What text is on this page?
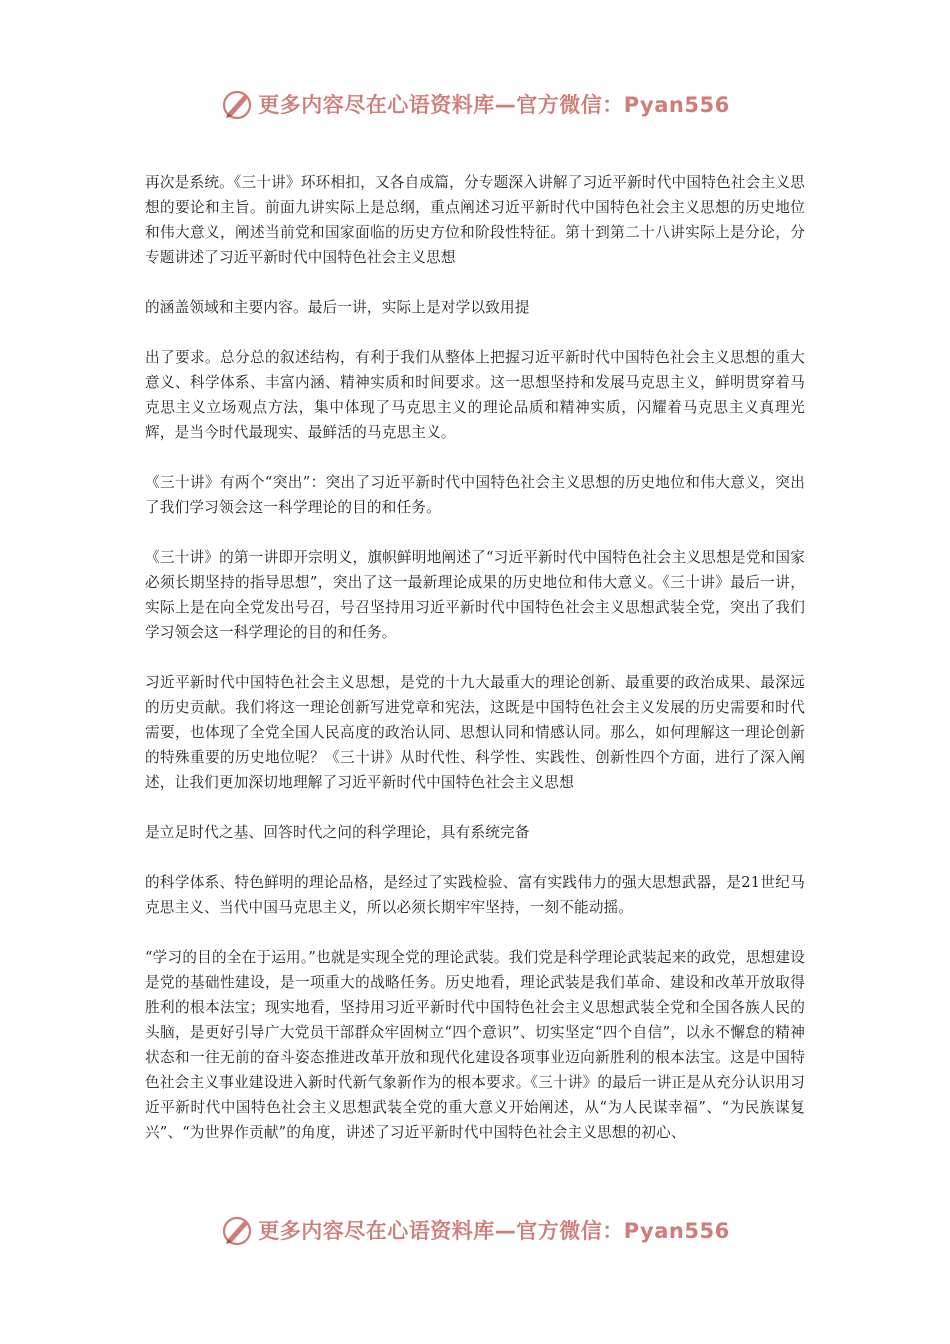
更多内容尽在心语资料库—官方微信：Pyan556

再次是系统。《三十讲》环环相扣，又各自成篇，分专题深入讲解了习近平新时代中国特色社会主义思想的要论和主旨。前面九讲实际上是总纲，重点阐述习近平新时代中国特色社会主义思想的历史地位和伟大意义，阐述当前党和国家面临的历史方位和阶段性特征。第十到第二十八讲实际上是分论，分专题讲述了习近平新时代中国特色社会主义思想

的涵盖领域和主要内容。最后一讲，实际上是对学以致用提

出了要求。总分总的叙述结构，有利于我们从整体上把握习近平新时代中国特色社会主义思想的重大意义、科学体系、丰富内涵、精神实质和时间要求。这一思想坚持和发展马克思主义，鲜明贯穿着马克思主义立场观点方法，集中体现了马克思主义的理论品质和精神实质，闪耀着马克思主义真理光辉，是当今时代最现实、最鲜活的马克思主义。

《三十讲》有两个“突出”：突出了习近平新时代中国特色社会主义思想的历史地位和伟大意义，突出了我们学习领会这一科学理论的目的和任务。

《三十讲》的第一讲即开宗明义，旗帜鲜明地阐述了“习近平新时代中国特色社会主义思想是党和国家必须长期坚持的指导思想”，突出了这一最新理论成果的历史地位和伟大意义。《三十讲》最后一讲，实际上是在向全党发出号召，号召坚持用习近平新时代中国特色社会主义思想武装全党，突出了我们学习领会这一科学理论的目的和任务。

习近平新时代中国特色社会主义思想，是党的十九大最重大的理论创新、最重要的政治成果、最深远的历史贡献。我们将这一理论创新写进党章和宪法，这既是中国特色社会主义发展的历史需要和时代需要，也体现了全党全国人民高度的政治认同、思想认同和情感认同。那么，如何理解这一理论创新的特殊重要的历史地位呢？《三十讲》从时代性、科学性、实践性、创新性四个方面，进行了深入阐述，让我们更加深切地理解了习近平新时代中国特色社会主义思想

是立足时代之基、回答时代之问的科学理论，具有系统完备

的科学体系、特色鲜明的理论品格，是经过了实践检验、富有实践伟力的强大思想武器，是21世纪马克思主义、当代中国马克思主义，所以必须长期牢牢坚持，一刻不能动摇。

“学习的目的全在于运用。”也就是实现全党的理论武装。我们党是科学理论武装起来的政党，思想建设是党的基础性建设，是一项重大的战略任务。历史地看，理论武装是我们革命、建设和改革开放取得胜利的根本法宝；现实地看，坚持用习近平新时代中国特色社会主义思想武装全党和全国各族人民的头脑，是更好引导广大党员干部群众牢固树立“四个意识”、切实坚定“四个自信”，以永不懈怠的精神状态和一往无前的奋斗姿态推进改革开放和现代化建设各项事业迈向新胜利的根本法宝。这是中国特色社会主义事业建设进入新时代新气象新作为的根本要求。《三十讲》的最后一讲正是从充分认识用习近平新时代中国特色社会主义思想武装全党的重大意义开始阐述，从“为人民谋幸福”、“为民族谋复兴”、“为世界作贡献”的角度，讲述了习近平新时代中国特色社会主义思想的初心、

更多内容尽在心语资料库—官方微信：Pyan556
